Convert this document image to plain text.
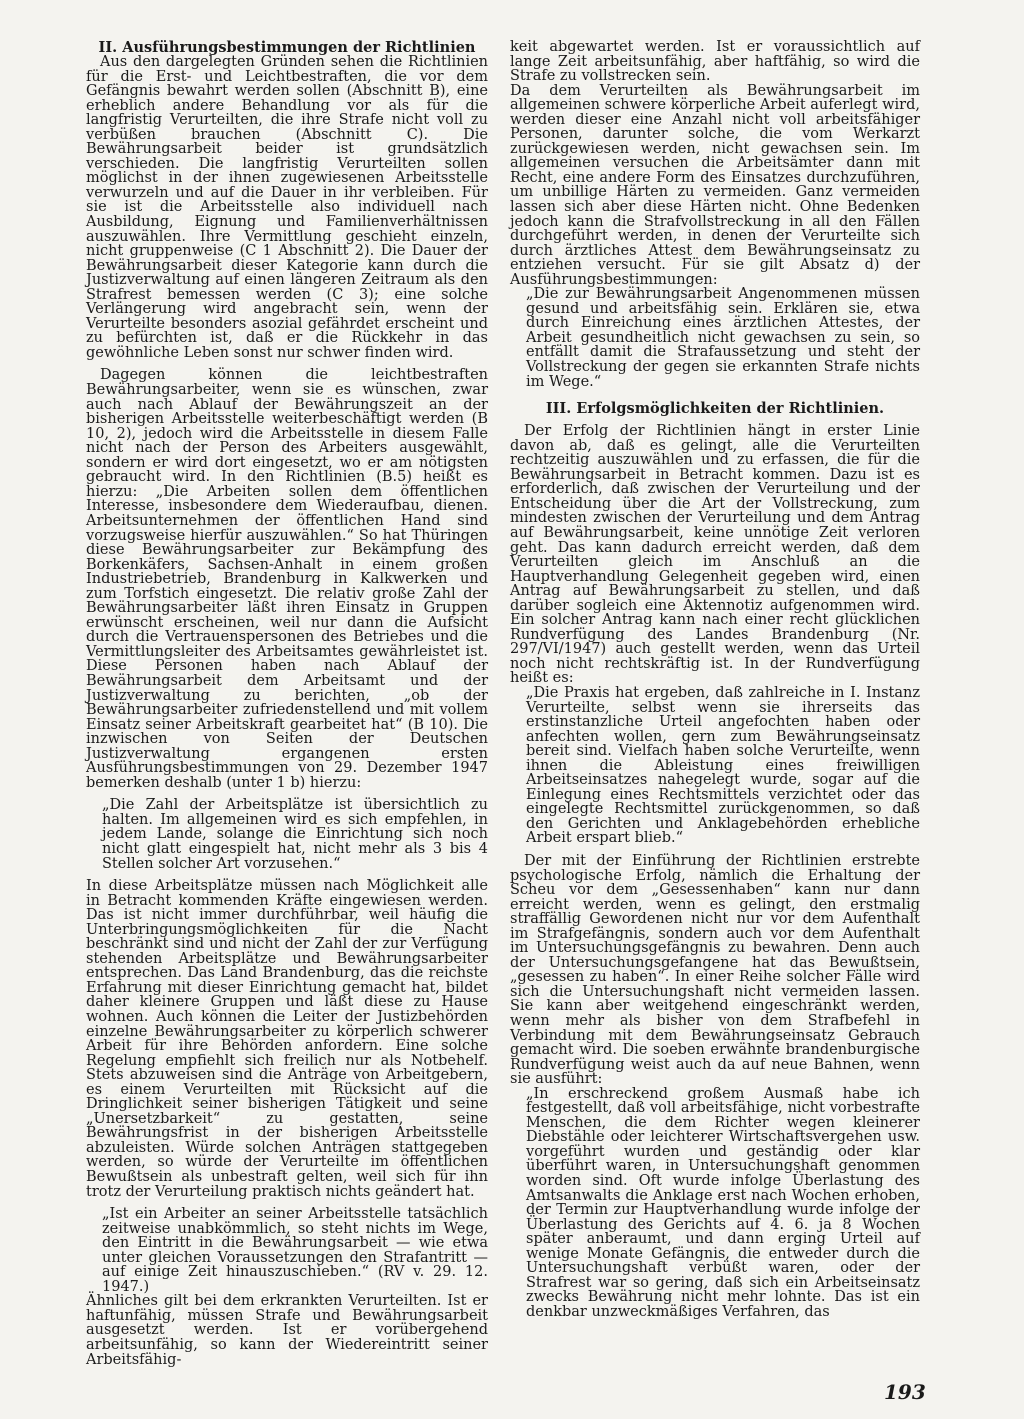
II. Ausführungsbestimmungen der Richtlinien

Aus den dargelegten Gründen sehen die Richtlinien für die Erst- und Leichtbestraften, die vor dem Gefängnis bewahrt werden sollen (Abschnitt B), eine erheblich andere Behandlung vor als für die langfristig Verurteilten, die ihre Strafe nicht voll zu verbüßen brauchen (Abschnitt C). Die Bewährungsarbeit beider ist grundsätzlich verschieden. Die langfristig Verurteilten sollen möglichst in der ihnen zugewiesenen Arbeitsstelle verwurzeln und auf die Dauer in ihr verbleiben. Für sie ist die Arbeitsstelle also individuell nach Ausbildung, Eignung und Familienverhältnissen auszuwählen. Ihre Vermittlung geschieht einzeln, nicht gruppenweise (C 1 Abschnitt 2). Die Dauer der Bewährungsarbeit dieser Kategorie kann durch die Justizverwaltung auf einen längeren Zeitraum als den Strafrest bemessen werden (C 3); eine solche Verlängerung wird angebracht sein, wenn der Verurteilte besonders asozial gefährdet erscheint und zu befürchten ist, daß er die Rückkehr in das gewöhnliche Leben sonst nur schwer finden wird.

Dagegen können die leichtbestraften Bewährungsarbeiter, wenn sie es wünschen, zwar auch nach Ablauf der Bewährungszeit an der bisherigen Arbeitsstelle weiterbeschäftigt werden (B 10, 2), jedoch wird die Arbeitsstelle in diesem Falle nicht nach der Person des Arbeiters ausgewählt, sondern er wird dort eingesetzt, wo er am nötigsten gebraucht wird. In den Richtlinien (B.5) heißt es hierzu: „Die Arbeiten sollen dem öffentlichen Interesse, insbesondere dem Wiederaufbau, dienen. Arbeitsunternehmen der öffentlichen Hand sind vorzugsweise hierfür auszuwählen.“ So hat Thüringen diese Bewährungsarbeiter zur Bekämpfung des Borkenkäfers, Sachsen-Anhalt in einem großen Industriebetrieb, Brandenburg in Kalkwerken und zum Torfstich eingesetzt. Die relativ große Zahl der Bewährungsarbeiter läßt ihren Einsatz in Gruppen erwünscht erscheinen, weil nur dann die Aufsicht durch die Vertrauenspersonen des Betriebes und die Vermittlungsleiter des Arbeitsamtes gewährleistet ist. Diese Personen haben nach Ablauf der Bewährungsarbeit dem Arbeitsamt und der Justizverwaltung zu berichten, „ob der Bewährungsarbeiter zufriedenstellend und mit vollem Einsatz seiner Arbeitskraft gearbeitet hat“ (B 10). Die inzwischen von Seiten der Deutschen Justizverwaltung ergangenen ersten Ausführungsbestimmungen von 29. Dezember 1947 bemerken deshalb (unter 1 b) hierzu:

„Die Zahl der Arbeitsplätze ist übersichtlich zu halten. Im allgemeinen wird es sich empfehlen, in jedem Lande, solange die Einrichtung sich noch nicht glatt eingespielt hat, nicht mehr als 3 bis 4 Stellen solcher Art vorzusehen.“

In diese Arbeitsplätze müssen nach Möglichkeit alle in Betracht kommenden Kräfte eingewiesen werden. Das ist nicht immer durchführbar, weil häufig die Unterbringungsmöglichkeiten für die Nacht beschränkt sind und nicht der Zahl der zur Verfügung stehenden Arbeitsplätze und Bewährungsarbeiter entsprechen. Das Land Brandenburg, das die reichste Erfahrung mit dieser Einrichtung gemacht hat, bildet daher kleinere Gruppen und läßt diese zu Hause wohnen. Auch können die Leiter der Justizbehörden einzelne Bewährungsarbeiter zu körperlich schwerer Arbeit für ihre Behörden anfordern. Eine solche Regelung empfiehlt sich freilich nur als Notbehelf. Stets abzuweisen sind die Anträge von Arbeitgebern, es einem Verurteilten mit Rücksicht auf die Dringlichkeit seiner bisherigen Tätigkeit und seine „Unersetzbarkeit“ zu gestatten, seine Bewährungsfrist in der bisherigen Arbeitsstelle abzuleisten. Würde solchen Anträgen stattgegeben werden, so würde der Verurteilte im öffentlichen Bewußtsein als unbestraft gelten, weil sich für ihn trotz der Verurteilung praktisch nichts geändert hat.

„Ist ein Arbeiter an seiner Arbeitsstelle tatsächlich zeitweise unabkömmlich, so steht nichts im Wege, den Eintritt in die Bewährungsarbeit — wie etwa unter gleichen Voraussetzungen den Strafantritt — auf einige Zeit hinauszuschieben.“ (RV v. 29. 12. 1947.)

Ähnliches gilt bei dem erkrankten Verurteilten. Ist er haftunfähig, müssen Strafe und Bewährungsarbeit ausgesetzt werden. Ist er vorübergehend arbeitsunfähig, so kann der Wiedereintritt seiner Arbeitsfähig-

keit abgewartet werden. Ist er voraussichtlich auf lange Zeit arbeitsunfähig, aber haftfähig, so wird die Strafe zu vollstrecken sein.

Da dem Verurteilten als Bewährungsarbeit im allgemeinen schwere körperliche Arbeit auferlegt wird, werden dieser eine Anzahl nicht voll arbeitsfähiger Personen, darunter solche, die vom Werkarzt zurückgewiesen werden, nicht gewachsen sein. Im allgemeinen versuchen die Arbeitsämter dann mit Recht, eine andere Form des Einsatzes durchzuführen, um unbillige Härten zu vermeiden. Ganz vermeiden lassen sich aber diese Härten nicht. Ohne Bedenken jedoch kann die Strafvollstreckung in all den Fällen durchgeführt werden, in denen der Verurteilte sich durch ärztliches Attest dem Bewährungseinsatz zu entziehen versucht. Für sie gilt Absatz d) der Ausführungsbestimmungen:

„Die zur Bewährungsarbeit Angenommenen müssen gesund und arbeitsfähig sein. Erklären sie, etwa durch Einreichung eines ärztlichen Attestes, der Arbeit gesundheitlich nicht gewachsen zu sein, so entfällt damit die Strafaussetzung und steht der Vollstreckung der gegen sie erkannten Strafe nichts im Wege.“

III. Erfolgsmöglichkeiten der Richtlinien.

Der Erfolg der Richtlinien hängt in erster Linie davon ab, daß es gelingt, alle die Verurteilten rechtzeitig auszuwählen und zu erfassen, die für die Bewährungsarbeit in Betracht kommen. Dazu ist es erforderlich, daß zwischen der Verurteilung und der Entscheidung über die Art der Vollstreckung, zum mindesten zwischen der Verurteilung und dem Antrag auf Bewährungsarbeit, keine unnötige Zeit verloren geht. Das kann dadurch erreicht werden, daß dem Verurteilten gleich im Anschluß an die Hauptverhandlung Gelegenheit gegeben wird, einen Antrag auf Bewährungsarbeit zu stellen, und daß darüber sogleich eine Aktennotiz aufgenommen wird. Ein solcher Antrag kann nach einer recht glücklichen Rundverfügung des Landes Brandenburg (Nr. 297/VI/1947) auch gestellt werden, wenn das Urteil noch nicht rechtskräftig ist. In der Rundverfügung heißt es:

„Die Praxis hat ergeben, daß zahlreiche in I. Instanz Verurteilte, selbst wenn sie ihrerseits das erstinstanzliche Urteil angefochten haben oder anfechten wollen, gern zum Bewährungseinsatz bereit sind. Vielfach haben solche Verurteilte, wenn ihnen die Ableistung eines freiwilligen Arbeitseinsatzes nahegelegt wurde, sogar auf die Einlegung eines Rechtsmittels verzichtet oder das eingelegte Rechtsmittel zurückgenommen, so daß den Gerichten und Anklagebehörden erhebliche Arbeit erspart blieb.“

Der mit der Einführung der Richtlinien erstrebte psychologische Erfolg, nämlich die Erhaltung der Scheu vor dem „Gesessenhaben“ kann nur dann erreicht werden, wenn es gelingt, den erstmalig straffällig Gewordenen nicht nur vor dem Aufenthalt im Strafgefängnis, sondern auch vor dem Aufenthalt im Untersuchungsgefängnis zu bewahren. Denn auch der Untersuchungsgefangene hat das Bewußtsein, „gesessen zu haben“. In einer Reihe solcher Fälle wird sich die Untersuchungshaft nicht vermeiden lassen. Sie kann aber weitgehend eingeschränkt werden, wenn mehr als bisher von dem Strafbefehl in Verbindung mit dem Bewährungseinsatz Gebrauch gemacht wird. Die soeben erwähnte brandenburgische Rundverfügung weist auch da auf neue Bahnen, wenn sie ausführt:

„In erschreckend großem Ausmaß habe ich festgestellt, daß voll arbeitsfähige, nicht vorbestrafte Menschen, die dem Richter wegen kleinerer Diebstähle oder leichterer Wirtschaftsvergehen usw. vorgeführt wurden und geständig oder klar überführt waren, in Untersuchungshaft genommen worden sind. Oft wurde infolge Überlastung des Amtsanwalts die Anklage erst nach Wochen erhoben, der Termin zur Hauptverhandlung wurde infolge der Überlastung des Gerichts auf 4. 6. ja 8 Wochen später anberaumt, und dann erging Urteil auf wenige Monate Gefängnis, die entweder durch die Untersuchungshaft verbüßt waren, oder der Strafrest war so gering, daß sich ein Arbeitseinsatz zwecks Bewährung nicht mehr lohnte. Das ist ein denkbar unzweckmäßiges Verfahren, das

193
